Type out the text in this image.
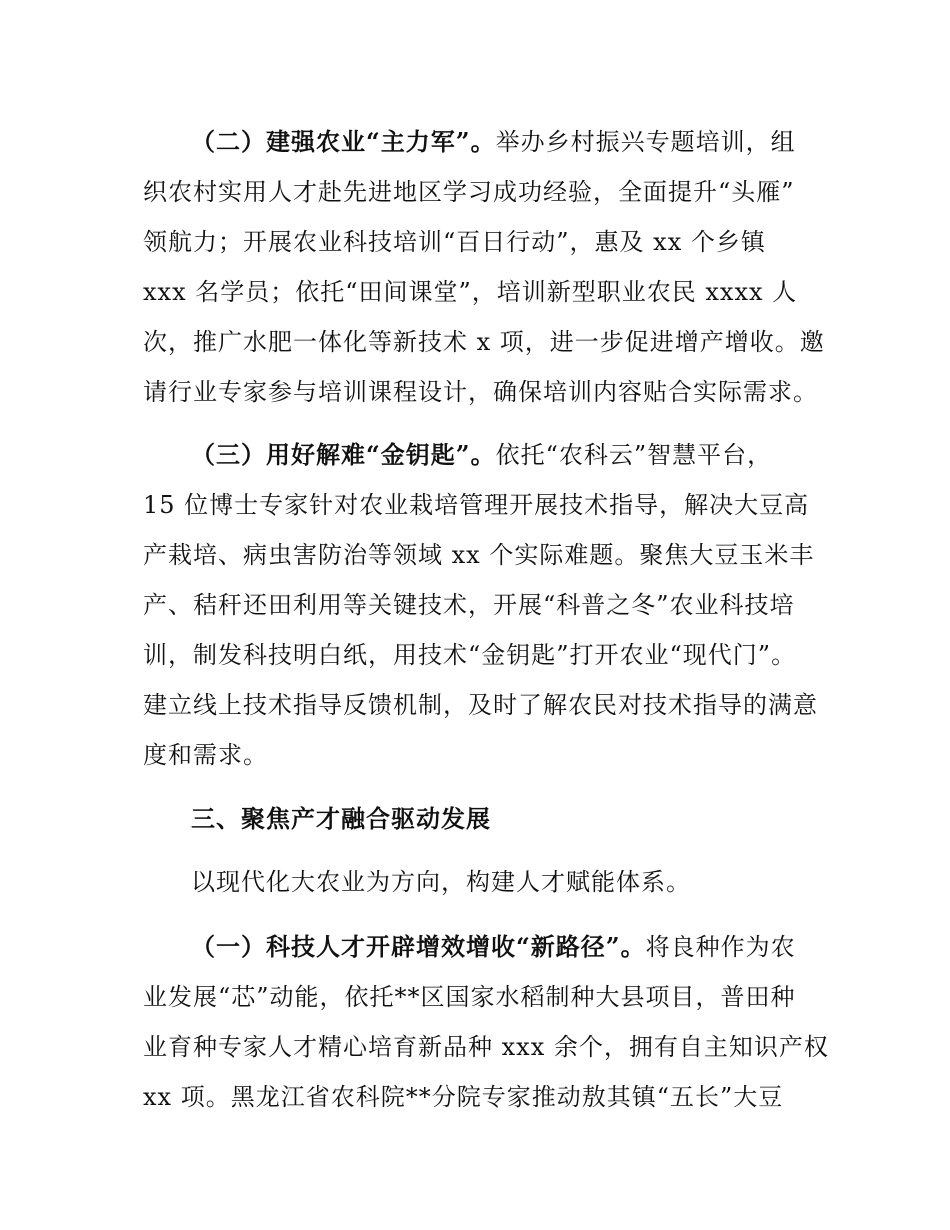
（二）建强农业“主力军”。举办乡村振兴专题培训，组
织农村实用人才赴先进地区学习成功经验，全面提升“头雁”
领航力；开展农业科技培训“百日行动”，惠及 xx 个乡镇
xxx 名学员；依托“田间课堂”，培训新型职业农民 xxxx 人
次，推广水肥一体化等新技术 x 项，进一步促进增产增收。邀
请行业专家参与培训课程设计，确保培训内容贴合实际需求。
（三）用好解难“金钥匙”。依托“农科云”智慧平台，
15 位博士专家针对农业栽培管理开展技术指导，解决大豆高
产栽培、病虫害防治等领域 xx 个实际难题。聚焦大豆玉米丰
产、秸秆还田利用等关键技术，开展“科普之冬”农业科技培
训，制发科技明白纸，用技术“金钥匙”打开农业“现代门”。
建立线上技术指导反馈机制，及时了解农民对技术指导的满意
度和需求。
三、聚焦产才融合驱动发展
以现代化大农业为方向，构建人才赋能体系。
（一）科技人才开辟增效增收“新路径”。将良种作为农
业发展“芯”动能，依托**区国家水稻制种大县项目，普田种
业育种专家人才精心培育新品种 xxx 余个，拥有自主知识产权
xx 项。黑龙江省农科院**分院专家推动敖其镇“五长”大豆
